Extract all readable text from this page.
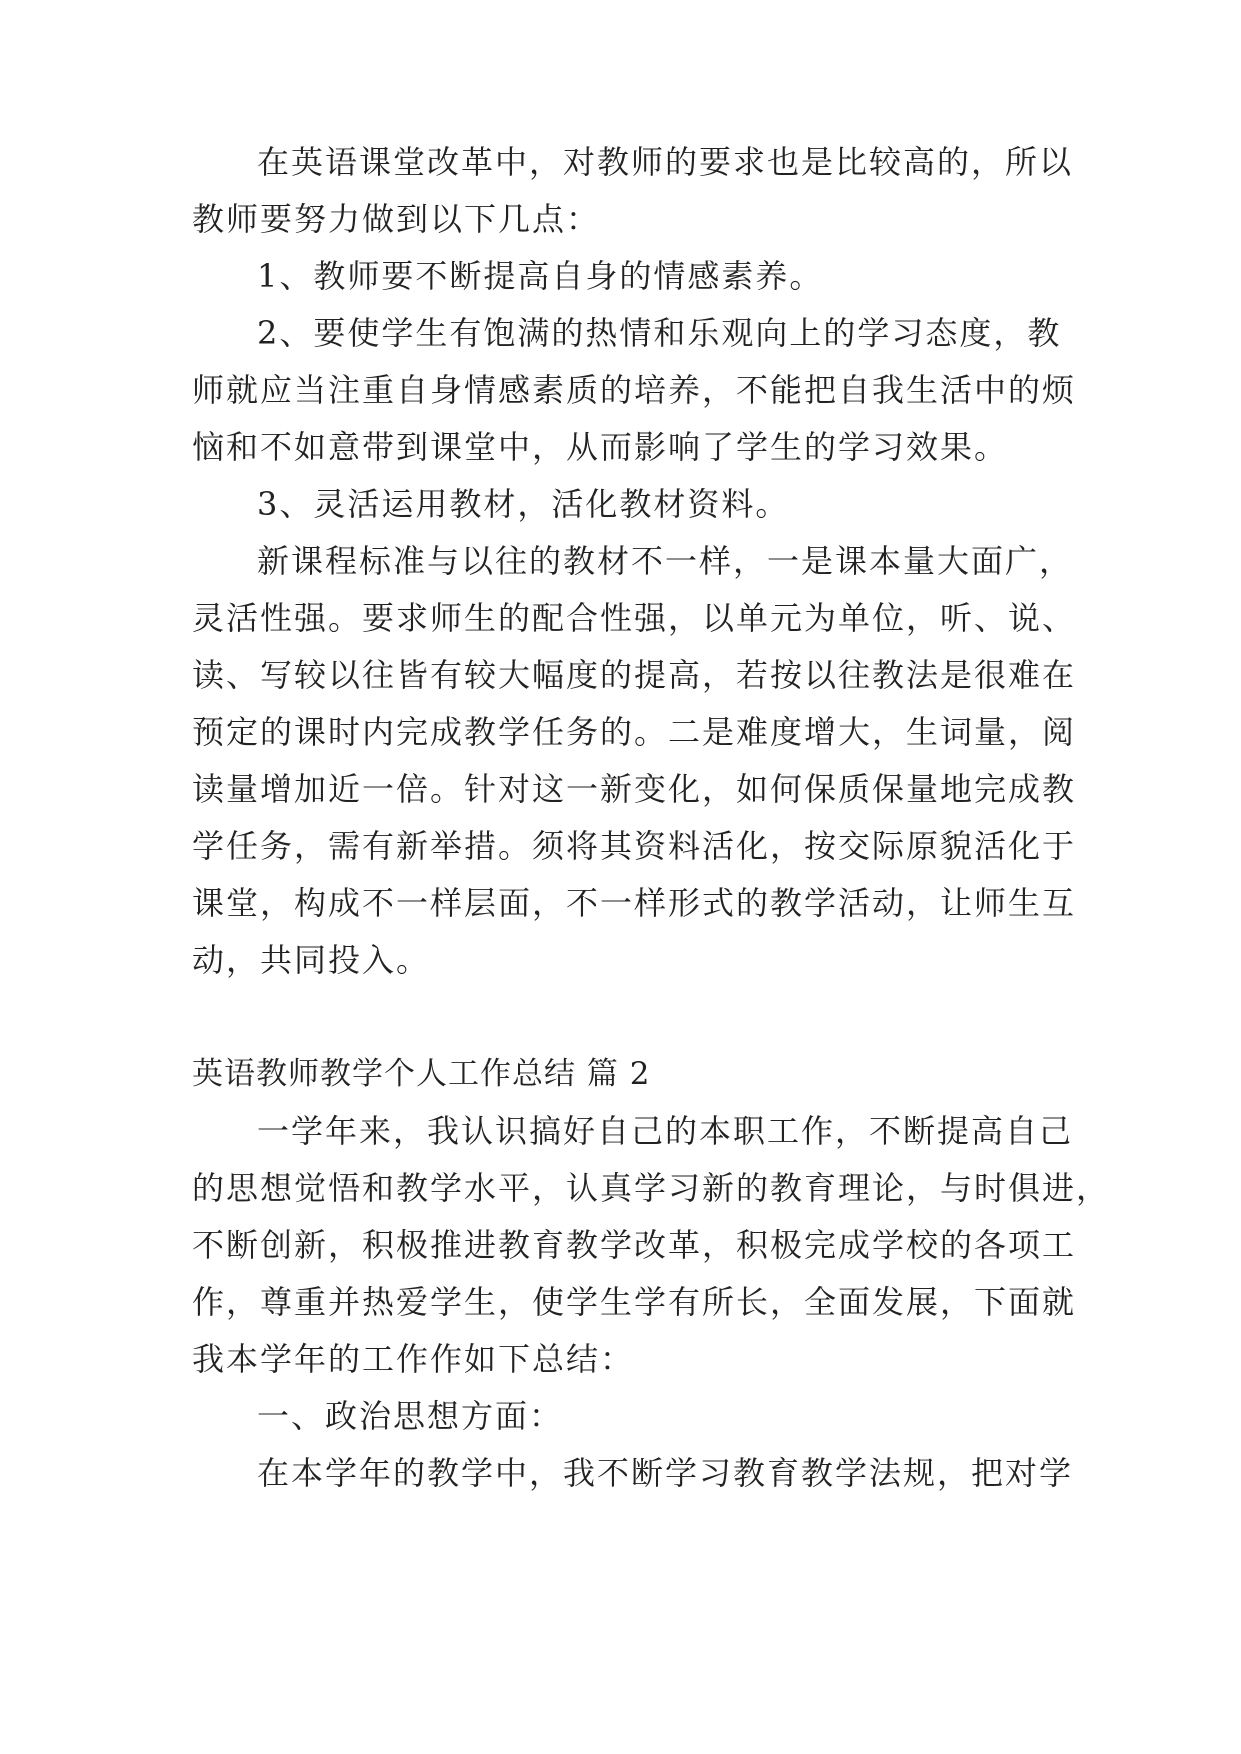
在英语课堂改革中，对教师的要求也是比较高的，所以
教师要努力做到以下几点：
1、教师要不断提高自身的情感素养。
2、要使学生有饱满的热情和乐观向上的学习态度，教
师就应当注重自身情感素质的培养，不能把自我生活中的烦
恼和不如意带到课堂中，从而影响了学生的学习效果。
3、灵活运用教材，活化教材资料。
新课程标准与以往的教材不一样，一是课本量大面广，
灵活性强。要求师生的配合性强，以单元为单位，听、说、
读、写较以往皆有较大幅度的提高，若按以往教法是很难在
预定的课时内完成教学任务的。二是难度增大，生词量，阅
读量增加近一倍。针对这一新变化，如何保质保量地完成教
学任务，需有新举措。须将其资料活化，按交际原貌活化于
课堂，构成不一样层面，不一样形式的教学活动，让师生互
动，共同投入。
英语教师教学个人工作总结 篇 2
一学年来，我认识搞好自己的本职工作，不断提高自己
的思想觉悟和教学水平，认真学习新的教育理论，与时俱进，
不断创新，积极推进教育教学改革，积极完成学校的各项工
作，尊重并热爱学生，使学生学有所长，全面发展，下面就
我本学年的工作作如下总结：
一、政治思想方面：
在本学年的教学中，我不断学习教育教学法规，把对学
